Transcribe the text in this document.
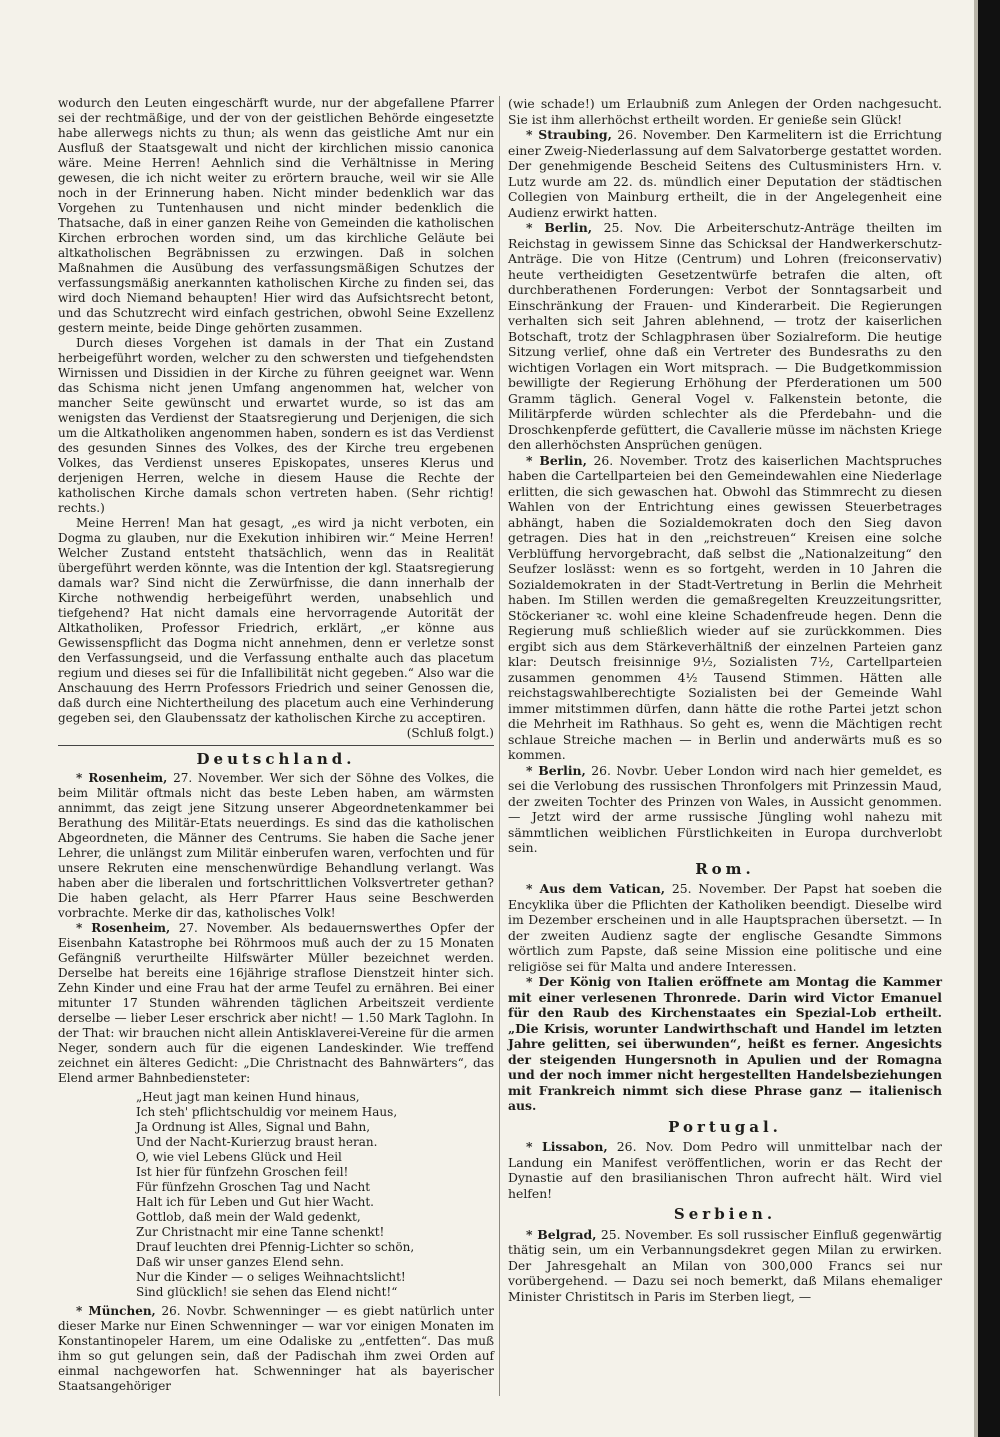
wodurch den Leuten eingeschärft wurde, nur der abgefallene Pfarrer sei der rechtmäßige, und der von der geistlichen Behörde eingesetzte habe allerwegs nichts zu thun; als wenn das geistliche Amt nur ein Ausfluß der Staatsgewalt und nicht der kirchlichen missio canonica wäre. Meine Herren! Aehnlich sind die Verhältnisse in Mering gewesen, die ich nicht weiter zu erörtern brauche, weil wir sie Alle noch in der Erinnerung haben. Nicht minder bedenklich war das Vorgehen zu Tuntenhausen und nicht minder bedenklich die Thatsache, daß in einer ganzen Reihe von Gemeinden die katholischen Kirchen erbrochen worden sind, um das kirchliche Geläute bei altkatholischen Begräbnissen zu erzwingen. Daß in solchen Maßnahmen die Ausübung des verfassungsmäßigen Schutzes der verfassungsmäßig anerkannten katholischen Kirche zu finden sei, das wird doch Niemand behaupten! Hier wird das Aufsichtsrecht betont, und das Schutzrecht wird einfach gestrichen, obwohl Seine Exzellenz gestern meinte, beide Dinge gehörten zusammen.

Durch dieses Vorgehen ist damals in der That ein Zustand herbeigeführt worden, welcher zu den schwersten und tiefgehendsten Wirnissen und Dissidien in der Kirche zu führen geeignet war. Wenn das Schisma nicht jenen Umfang angenommen hat, welcher von mancher Seite gewünscht und erwartet wurde, so ist das am wenigsten das Verdienst der Staatsregierung und Derjenigen, die sich um die Altkatholiken angenommen haben, sondern es ist das Verdienst des gesunden Sinnes des Volkes, des der Kirche treu ergebenen Volkes, das Verdienst unseres Episkopates, unseres Klerus und derjenigen Herren, welche in diesem Hause die Rechte der katholischen Kirche damals schon vertreten haben. (Sehr richtig! rechts.)

Meine Herren! Man hat gesagt, „es wird ja nicht verboten, ein Dogma zu glauben, nur die Exekution inhibiren wir.“ Meine Herren! Welcher Zustand entsteht thatsächlich, wenn das in Realität übergeführt werden könnte, was die Intention der kgl. Staatsregierung damals war? Sind nicht die Zerwürfnisse, die dann innerhalb der Kirche nothwendig herbeigeführt werden, unabsehlich und tiefgehend? Hat nicht damals eine hervorragende Autorität der Altkatholiken, Professor Friedrich, erklärt, „er könne aus Gewissenspflicht das Dogma nicht annehmen, denn er verletze sonst den Verfassungseid, und die Verfassung enthalte auch das placetum regium und dieses sei für die Infallibilität nicht gegeben.“ Also war die Anschauung des Herrn Professors Friedrich und seiner Genossen die, daß durch eine Nichtertheilung des placetum auch eine Verhinderung gegeben sei, den Glaubenssatz der katholischen Kirche zu acceptiren.

(Schluß folgt.)
Deutschland.

* Rosenheim, 27. November. Wer sich der Söhne des Volkes, die beim Militär oftmals nicht das beste Leben haben, am wärmsten annimmt, das zeigt jene Sitzung unserer Abgeordnetenkammer bei Berathung des Militär-Etats neuerdings. Es sind das die katholischen Abgeordneten, die Männer des Centrums. Sie haben die Sache jener Lehrer, die unlängst zum Militär einberufen waren, verfochten und für unsere Rekruten eine menschenwürdige Behandlung verlangt. Was haben aber die liberalen und fortschrittlichen Volksvertreter gethan? Die haben gelacht, als Herr Pfarrer Haus seine Beschwerden vorbrachte. Merke dir das, katholisches Volk!

* Rosenheim, 27. November. Als bedauernswerthes Opfer der Eisenbahn Katastrophe bei Röhrmoos muß auch der zu 15 Monaten Gefängniß verurtheilte Hilfswärter Müller bezeichnet werden. Derselbe hat bereits eine 16jährige straflose Dienstzeit hinter sich. Zehn Kinder und eine Frau hat der arme Teufel zu ernähren. Bei einer mitunter 17 Stunden währenden täglichen Arbeitszeit verdiente derselbe — lieber Leser erschrick aber nicht! — 1.50 Mark Taglohn. In der That: wir brauchen nicht allein Antisklaverei-Vereine für die armen Neger, sondern auch für die eigenen Landeskinder. Wie treffend zeichnet ein älteres Gedicht: „Die Christnacht des Bahnwärters“, das Elend armer Bahnbediensteter:

„Heut jagt man keinen Hund hinaus,
Ich steh' pflichtschuldig vor meinem Haus,
Ja Ordnung ist Alles, Signal und Bahn,
Und der Nacht-Kurierzug braust heran.
O, wie viel Lebens Glück und Heil
Ist hier für fünfzehn Groschen feil!
Für fünfzehn Groschen Tag und Nacht
Halt ich für Leben und Gut hier Wacht.
Gottlob, daß mein der Wald gedenkt,
Zur Christnacht mir eine Tanne schenkt!
Drauf leuchten drei Pfennig-Lichter so schön,
Daß wir unser ganzes Elend sehn.
Nur die Kinder — o seliges Weihnachtslicht!
Sind glücklich! sie sehen das Elend nicht!“

* München, 26. Novbr. Schwenninger — es giebt natürlich unter dieser Marke nur Einen Schwenninger — war vor einigen Monaten im Konstantinopeler Harem, um eine Odaliske zu „entfetten“. Das muß ihm so gut gelungen sein, daß der Padischah ihm zwei Orden auf einmal nachgeworfen hat. Schwenninger hat als bayerischer Staatsangehöriger

(wie schade!) um Erlaubniß zum Anlegen der Orden nachgesucht. Sie ist ihm allerhöchst ertheilt worden. Er genieße sein Glück!

* Straubing, 26. November. Den Karmelitern ist die Errichtung einer Zweig-Niederlassung auf dem Salvatorberge gestattet worden. Der genehmigende Bescheid Seitens des Cultusministers Hrn. v. Lutz wurde am 22. ds. mündlich einer Deputation der städtischen Collegien von Mainburg ertheilt, die in der Angelegenheit eine Audienz erwirkt hatten.

* Berlin, 25. Nov. Die Arbeiterschutz-Anträge theilten im Reichstag in gewissem Sinne das Schicksal der Handwerkerschutz-Anträge. Die von Hitze (Centrum) und Lohren (freiconservativ) heute vertheidigten Gesetzentwürfe betrafen die alten, oft durchberathenen Forderungen: Verbot der Sonntagsarbeit und Einschränkung der Frauen- und Kinderarbeit. Die Regierungen verhalten sich seit Jahren ablehnend, — trotz der kaiserlichen Botschaft, trotz der Schlagphrasen über Sozialreform. Die heutige Sitzung verlief, ohne daß ein Vertreter des Bundesraths zu den wichtigen Vorlagen ein Wort mitsprach. — Die Budgetkommission bewilligte der Regierung Erhöhung der Pferderationen um 500 Gramm täglich. General Vogel v. Falkenstein betonte, die Militärpferde würden schlechter als die Pferdebahn- und die Droschkenpferde gefüttert, die Cavallerie müsse im nächsten Kriege den allerhöchsten Ansprüchen genügen.

* Berlin, 26. November. Trotz des kaiserlichen Machtspruches haben die Cartellparteien bei den Gemeindewahlen eine Niederlage erlitten, die sich gewaschen hat. Obwohl das Stimmrecht zu diesen Wahlen von der Entrichtung eines gewissen Steuerbetrages abhängt, haben die Sozialdemokraten doch den Sieg davon getragen. Dies hat in den „reichstreuen“ Kreisen eine solche Verblüffung hervorgebracht, daß selbst die „Nationalzeitung“ den Seufzer loslässt: wenn es so fortgeht, werden in 10 Jahren die Sozialdemokraten in der Stadt-Vertretung in Berlin die Mehrheit haben. Im Stillen werden die gemaßregelten Kreuzzeitungsritter, Stöckerianer ꝛc. wohl eine kleine Schadenfreude hegen. Denn die Regierung muß schließlich wieder auf sie zurückkommen. Dies ergibt sich aus dem Stärkeverhältniß der einzelnen Parteien ganz klar: Deutsch freisinnige 9½, Sozialisten 7½, Cartellparteien zusammen genommen 4½ Tausend Stimmen. Hätten alle reichstagswahlberechtigte Sozialisten bei der Gemeinde Wahl immer mitstimmen dürfen, dann hätte die rothe Partei jetzt schon die Mehrheit im Rathhaus. So geht es, wenn die Mächtigen recht schlaue Streiche machen — in Berlin und anderwärts muß es so kommen.

* Berlin, 26. Novbr. Ueber London wird nach hier gemeldet, es sei die Verlobung des russischen Thronfolgers mit Prinzessin Maud, der zweiten Tochter des Prinzen von Wales, in Aussicht genommen. — Jetzt wird der arme russische Jüngling wohl nahezu mit sämmtlichen weiblichen Fürstlichkeiten in Europa durchverlobt sein.

Rom.

* Aus dem Vatican, 25. November. Der Papst hat soeben die Encyklika über die Pflichten der Katholiken beendigt. Dieselbe wird im Dezember erscheinen und in alle Hauptsprachen übersetzt. — In der zweiten Audienz sagte der englische Gesandte Simmons wörtlich zum Papste, daß seine Mission eine politische und eine religiöse sei für Malta und andere Interessen.

* Der König von Italien eröffnete am Montag die Kammer mit einer verlesenen Thronrede. Darin wird Victor Emanuel für den Raub des Kirchenstaates ein Spezial-Lob ertheilt. „Die Krisis, worunter Landwirthschaft und Handel im letzten Jahre gelitten, sei überwunden“, heißt es ferner. Angesichts der steigenden Hungersnoth in Apulien und der Romagna und der noch immer nicht hergestellten Handelsbeziehungen mit Frankreich nimmt sich diese Phrase ganz — italienisch aus.

Portugal.

* Lissabon, 26. Nov. Dom Pedro will unmittelbar nach der Landung ein Manifest veröffentlichen, worin er das Recht der Dynastie auf den brasilianischen Thron aufrecht hält. Wird viel helfen!

Serbien.

* Belgrad, 25. November. Es soll russischer Einfluß gegenwärtig thätig sein, um ein Verbannungsdekret gegen Milan zu erwirken. Der Jahresgehalt an Milan von 300,000 Francs sei nur vorübergehend. — Dazu sei noch bemerkt, daß Milans ehemaliger Minister Christitsch in Paris im Sterben liegt, —
